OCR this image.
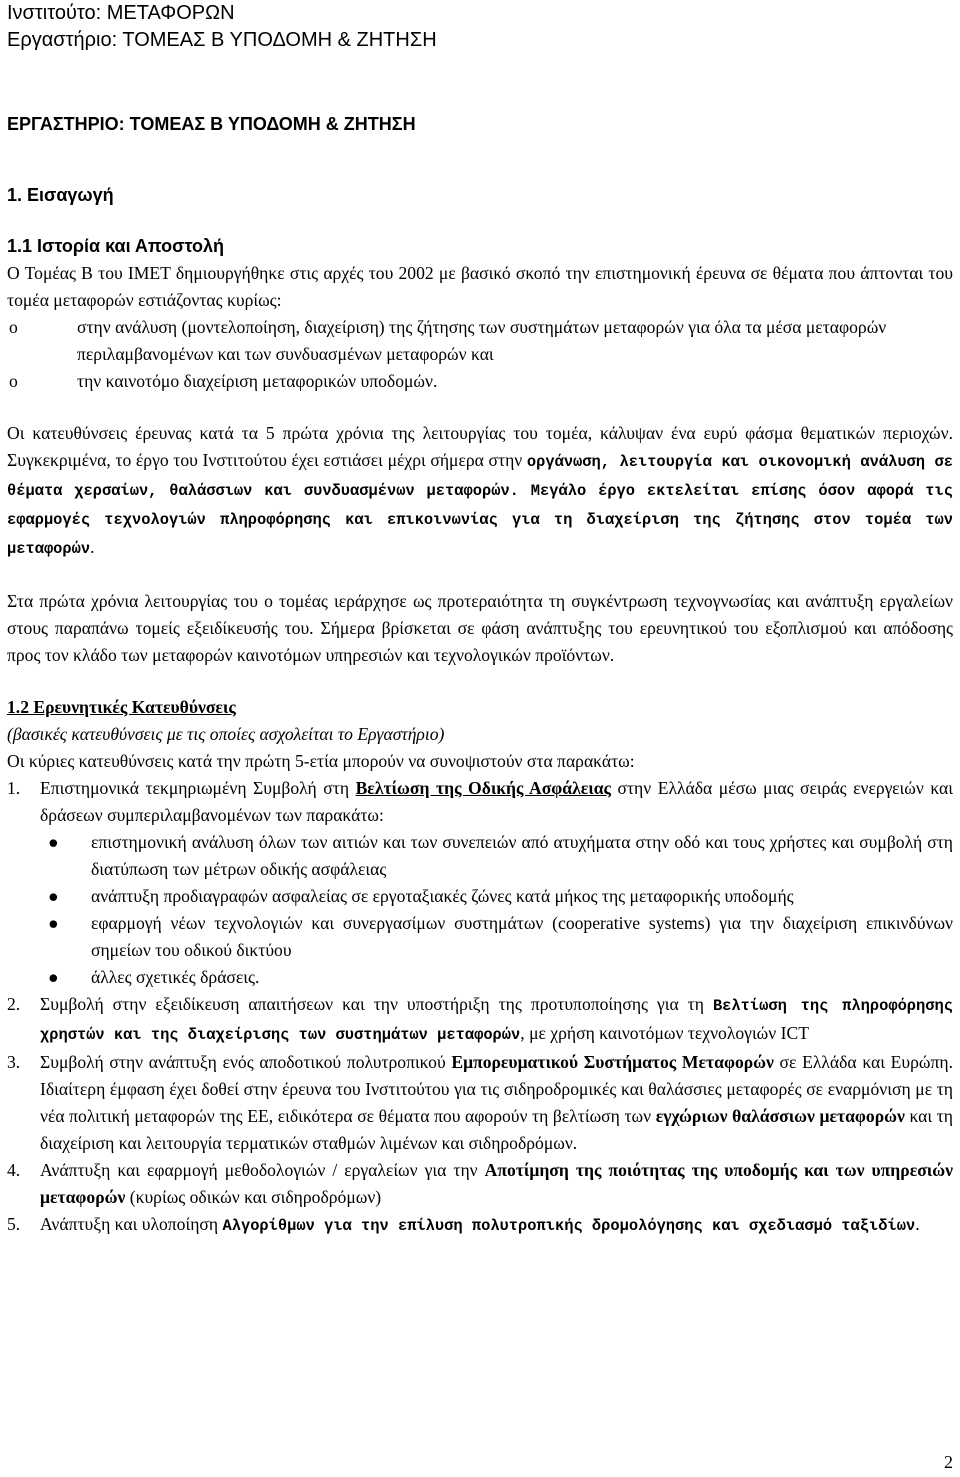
Ινστιτούτο: ΜΕΤΑΦΟΡΩΝ

Εργαστήριο: ΤΟΜΕΑΣ Β ΥΠΟΔΟΜΗ & ΖΗΤΗΣΗ

ΕΡΓΑΣΤΗΡΙΟ: ΤΟΜΕΑΣ Β ΥΠΟΔΟΜΗ & ΖΗΤΗΣΗ

1. Εισαγωγή

1.1 Ιστορία και Αποστολή

Ο Τομέας Β του ΙΜΕΤ δημιουργήθηκε στις αρχές του 2002 με βασικό σκοπό την επιστημονική έρευνα σε θέματα που άπτονται του τομέα μεταφορών εστιάζοντας κυρίως:

o	στην ανάλυση (μοντελοποίηση, διαχείριση) της ζήτησης των συστημάτων μεταφορών για όλα τα μέσα μεταφορών περιλαμβανομένων και των συνδυασμένων μεταφορών και
o	την καινοτόμο διαχείριση μεταφορικών υποδομών.

Οι κατευθύνσεις έρευνας κατά τα 5 πρώτα χρόνια της λειτουργίας του τομέα, κάλυψαν ένα ευρύ φάσμα θεματικών περιοχών. Συγκεκριμένα, το έργο του Ινστιτούτου έχει εστιάσει μέχρι σήμερα στην οργάνωση, λειτουργία και οικονομική ανάλυση σε θέματα χερσαίων, θαλάσσιων και συνδυασμένων μεταφορών. Μεγάλο έργο εκτελείται επίσης όσον αφορά τις εφαρμογές τεχνολογιών πληροφόρησης και επικοινωνίας για τη διαχείριση της ζήτησης στον τομέα των μεταφορών.

Στα πρώτα χρόνια λειτουργίας του ο τομέας ιεράρχησε ως προτεραιότητα τη συγκέντρωση τεχνογνωσίας και ανάπτυξη εργαλείων στους παραπάνω τομείς εξειδίκευσής του. Σήμερα βρίσκεται σε φάση ανάπτυξης του ερευνητικού του εξοπλισμού και απόδοσης προς τον κλάδο των μεταφορών καινοτόμων υπηρεσιών και τεχνολογικών προϊόντων.

1.2 Ερευνητικές Κατευθύνσεις

(βασικές κατευθύνσεις με τις οποίες ασχολείται το Εργαστήριο)

Οι κύριες κατευθύνσεις κατά την πρώτη 5-ετία μπορούν να συνοψιστούν στα παρακάτω:

1. Επιστημονικά τεκμηριωμένη Συμβολή στη Βελτίωση της Οδικής Ασφάλειας στην Ελλάδα μέσω μιας σειράς ενεργειών και δράσεων συμπεριλαμβανομένων των παρακάτω:
● επιστημονική ανάλυση όλων των αιτιών και των συνεπειών από ατυχήματα στην οδό και τους χρήστες και συμβολή στη διατύπωση των μέτρων οδικής ασφάλειας
● ανάπτυξη προδιαγραφών ασφαλείας σε εργοταξιακές ζώνες κατά μήκος της μεταφορικής υποδομής
● εφαρμογή νέων τεχνολογιών και συνεργασίμων συστημάτων (cooperative systems) για την διαχείριση επικινδύνων σημείων του οδικού δικτύου
● άλλες σχετικές δράσεις.
2. Συμβολή στην εξειδίκευση απαιτήσεων και την υποστήριξη της προτυποποίησης για τη Βελτίωση της πληροφόρησης χρηστών και της διαχείρισης των συστημάτων μεταφορών, με χρήση καινοτόμων τεχνολογιών ICT
3. Συμβολή στην ανάπτυξη ενός αποδοτικού πολυτροπικού Εμπορευματικού Συστήματος Μεταφορών σε Ελλάδα και Ευρώπη. Ιδιαίτερη έμφαση έχει δοθεί στην έρευνα του Ινστιτούτου για τις σιδηροδρομικές και θαλάσσιες μεταφορές σε εναρμόνιση με τη νέα πολιτική μεταφορών της ΕΕ, ειδικότερα σε θέματα που αφορούν τη βελτίωση των εγχώριων θαλάσσιων μεταφορών και τη διαχείριση και λειτουργία τερματικών σταθμών λιμένων και σιδηροδρόμων.
4. Ανάπτυξη και εφαρμογή μεθοδολογιών / εργαλείων για την Αποτίμηση της ποιότητας της υποδομής και των υπηρεσιών μεταφορών (κυρίως οδικών και σιδηροδρόμων)
5. Ανάπτυξη και υλοποίηση Αλγορίθμων για την επίλυση πολυτροπικής δρομολόγησης και σχεδιασμό ταξιδίων.
2
